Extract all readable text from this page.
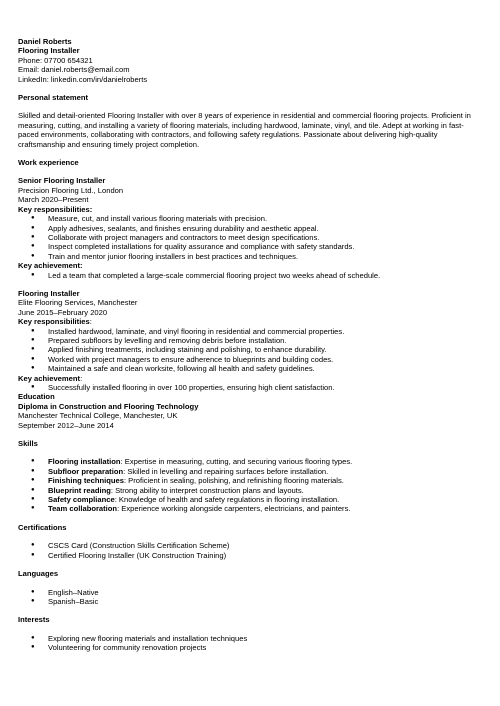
Daniel Roberts
Flooring Installer
Phone: 07700 654321
Email: daniel.roberts@email.com
LinkedIn: linkedin.com/in/danielroberts
Personal statement
Skilled and detail-oriented Flooring Installer with over 8 years of experience in residential and commercial flooring projects. Proficient in measuring, cutting, and installing a variety of flooring materials, including hardwood, laminate, vinyl, and tile. Adept at working in fast-paced environments, collaborating with contractors, and following safety regulations. Passionate about delivering high-quality craftsmanship and ensuring timely project completion.
Work experience
Senior Flooring Installer
Precision Flooring Ltd., London
March 2020–Present
Key responsibilities:
● Measure, cut, and install various flooring materials with precision.
● Apply adhesives, sealants, and finishes ensuring durability and aesthetic appeal.
● Collaborate with project managers and contractors to meet design specifications.
● Inspect completed installations for quality assurance and compliance with safety standards.
● Train and mentor junior flooring installers in best practices and techniques.
Key achievement:
● Led a team that completed a large-scale commercial flooring project two weeks ahead of schedule.
Flooring Installer
Elite Flooring Services, Manchester
June 2015–February 2020
Key responsibilities:
● Installed hardwood, laminate, and vinyl flooring in residential and commercial properties.
● Prepared subfloors by levelling and removing debris before installation.
● Applied finishing treatments, including staining and polishing, to enhance durability.
● Worked with project managers to ensure adherence to blueprints and building codes.
● Maintained a safe and clean worksite, following all health and safety guidelines.
Key achievement:
● Successfully installed flooring in over 100 properties, ensuring high client satisfaction.
Education
Diploma in Construction and Flooring Technology
Manchester Technical College, Manchester, UK
September 2012–June 2014
Skills
● Flooring installation: Expertise in measuring, cutting, and securing various flooring types.
● Subfloor preparation: Skilled in levelling and repairing surfaces before installation.
● Finishing techniques: Proficient in sealing, polishing, and refinishing flooring materials.
● Blueprint reading: Strong ability to interpret construction plans and layouts.
● Safety compliance: Knowledge of health and safety regulations in flooring installation.
● Team collaboration: Experience working alongside carpenters, electricians, and painters.
Certifications
● CSCS Card (Construction Skills Certification Scheme)
● Certified Flooring Installer (UK Construction Training)
Languages
● English–Native
● Spanish–Basic
Interests
● Exploring new flooring materials and installation techniques
● Volunteering for community renovation projects
